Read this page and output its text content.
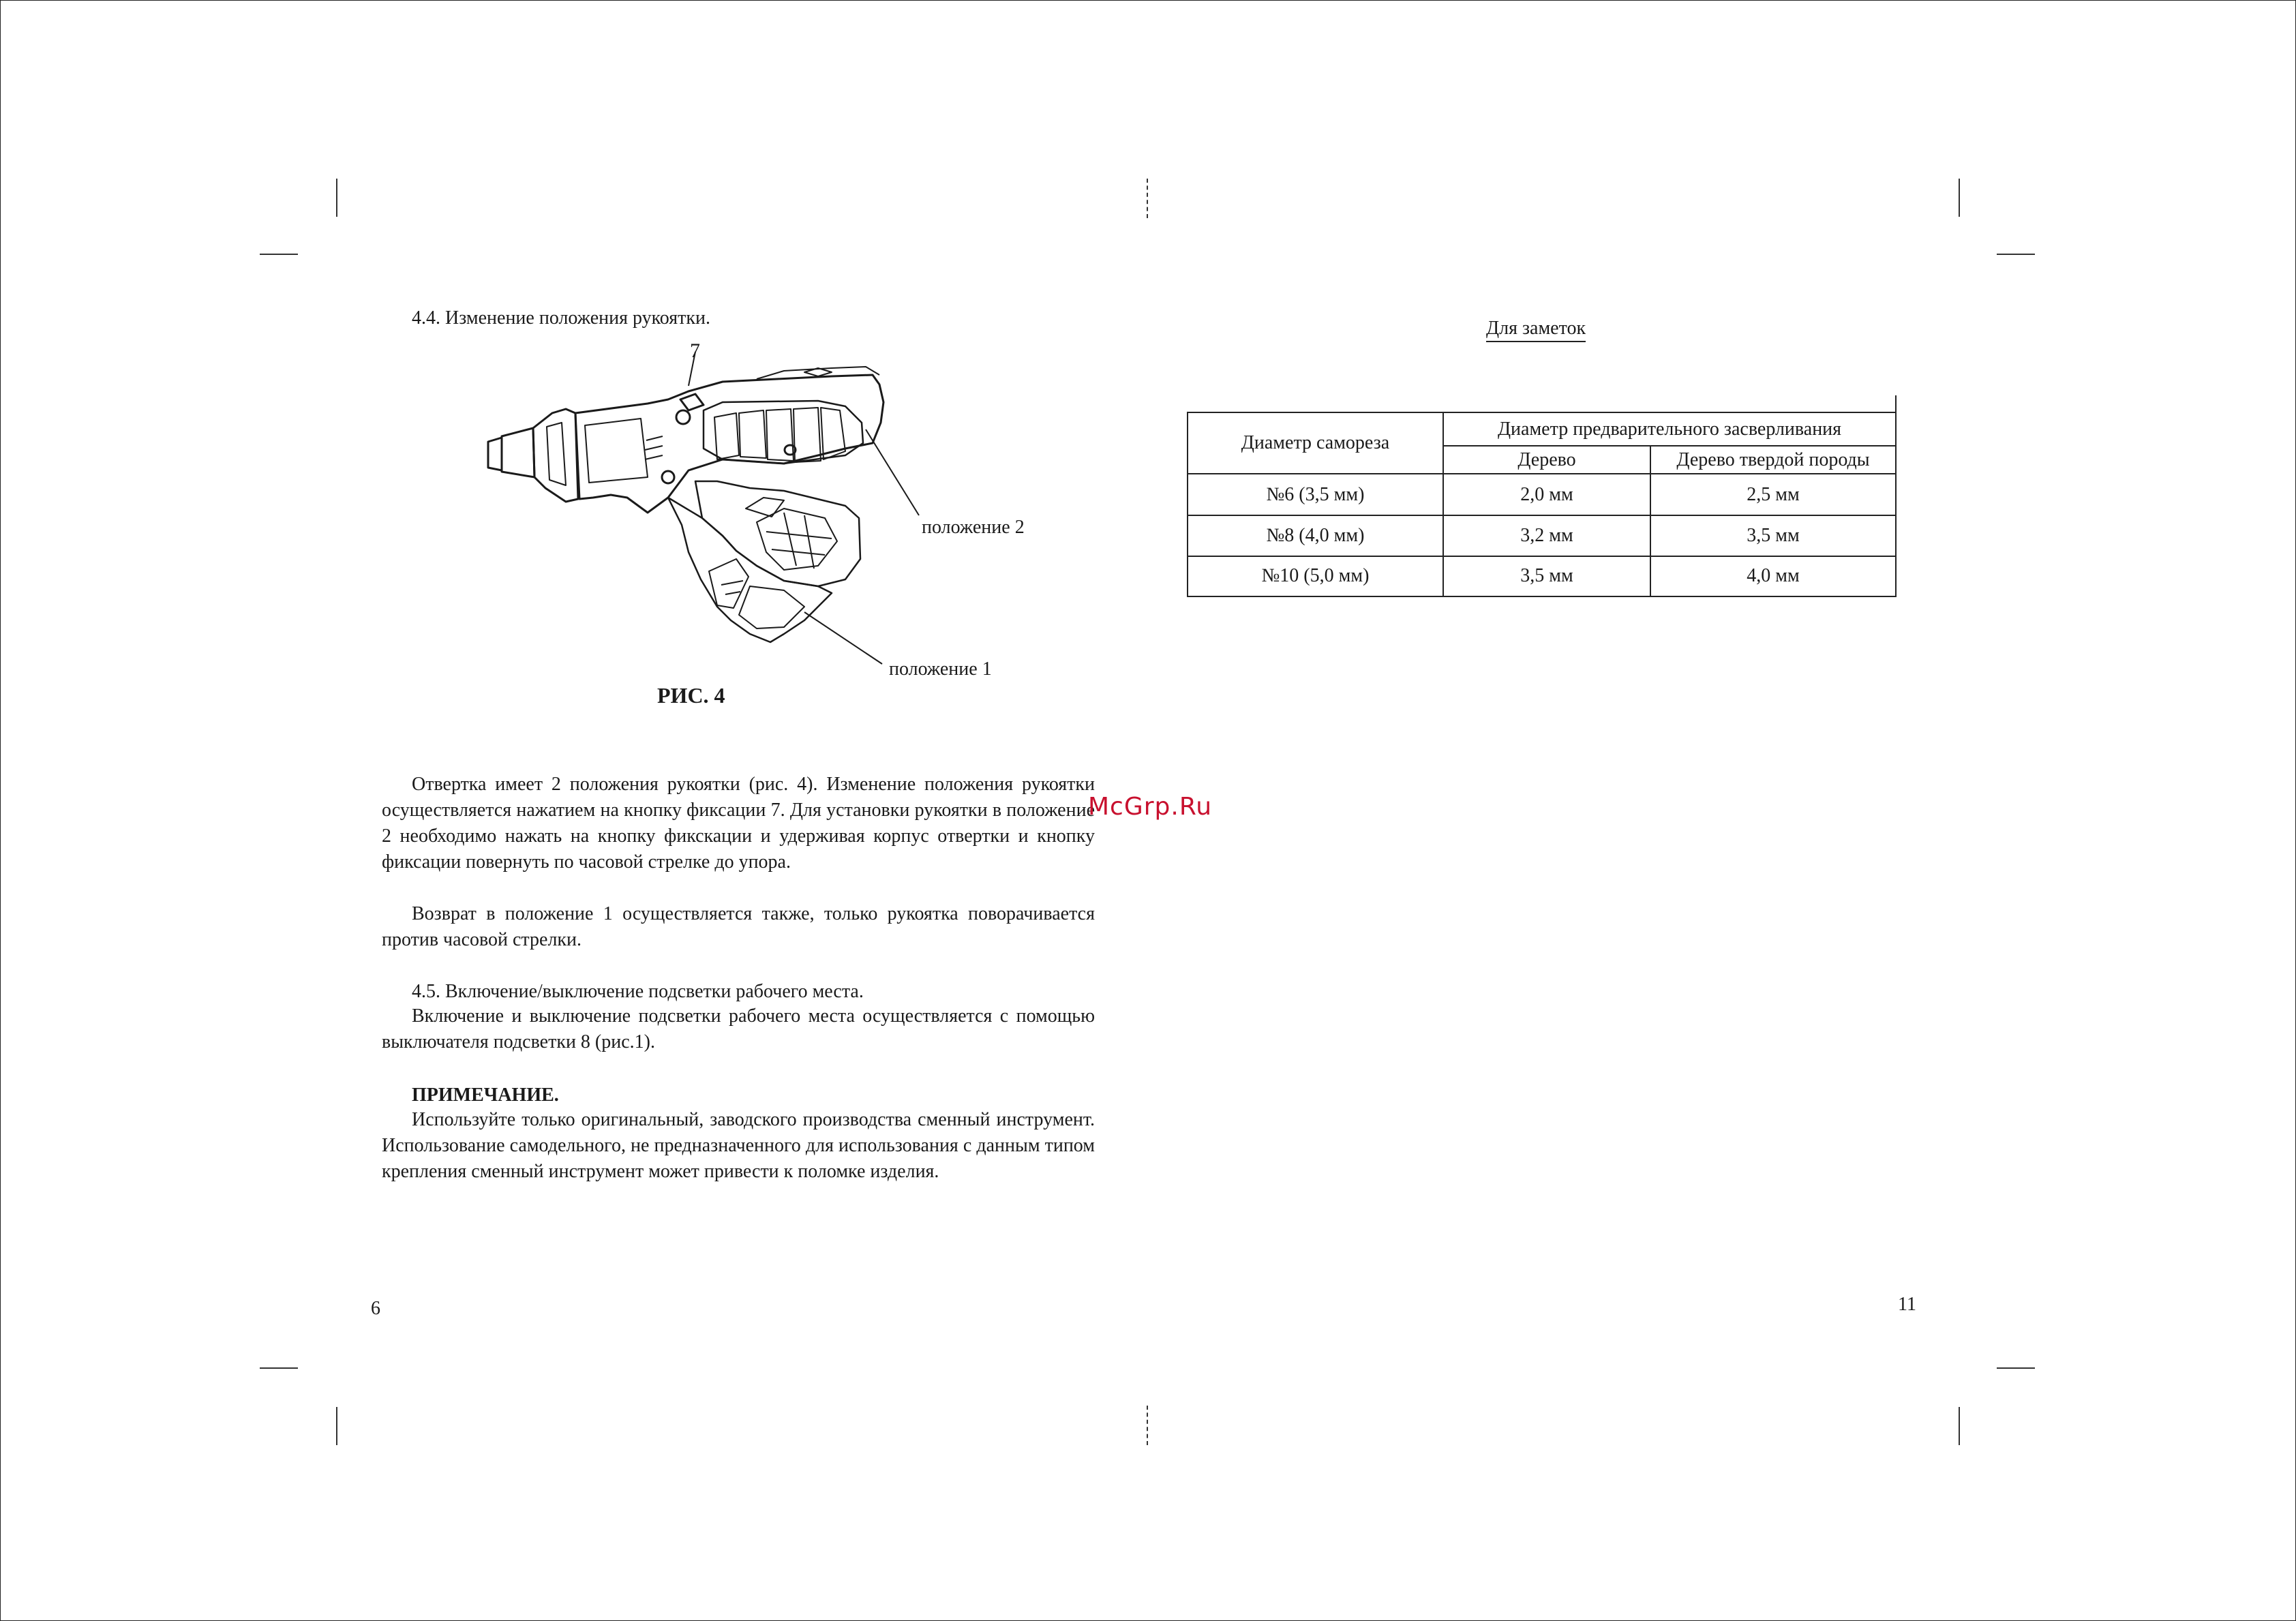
4.4. Изменение положения рукоятки.
7
положение 2
положение 1
РИС. 4

Отвертка имеет 2 положения рукоятки (рис. 4). Изменение положения рукоятки осуществляется нажатием на кнопку фиксации 7. Для установки рукоятки в положение 2 необходимо нажать на кнопку фикскации и удерживая корпус отвертки и кнопку фиксации повернуть по часовой стрелке до упора.

Возврат в положение 1 осуществляется также, только рукоятка поворачивается против часовой стрелки.

4.5. Включение/выключение подсветки рабочего места.

Включение и выключение подсветки рабочего места осуществляется с помощью выключателя подсветки 8 (рис.1).

ПРИМЕЧАНИЕ.

Используйте только оригинальный, заводского производства сменный инструмент. Использование самодельного, не предназначенного для использования с данным типом крепления сменный инструмент может привести к поломке изделия.

6
McGrp.Ru
Для заметок
Диаметр самореза	Диаметр предварительного засверливания	
	Дерево	Дерево твердой породы
№6 (3,5 мм)	2,0 мм	2,5 мм
№8 (4,0 мм)	3,2 мм	3,5 мм
№10 (5,0 мм)	3,5 мм	4,0 мм
11
